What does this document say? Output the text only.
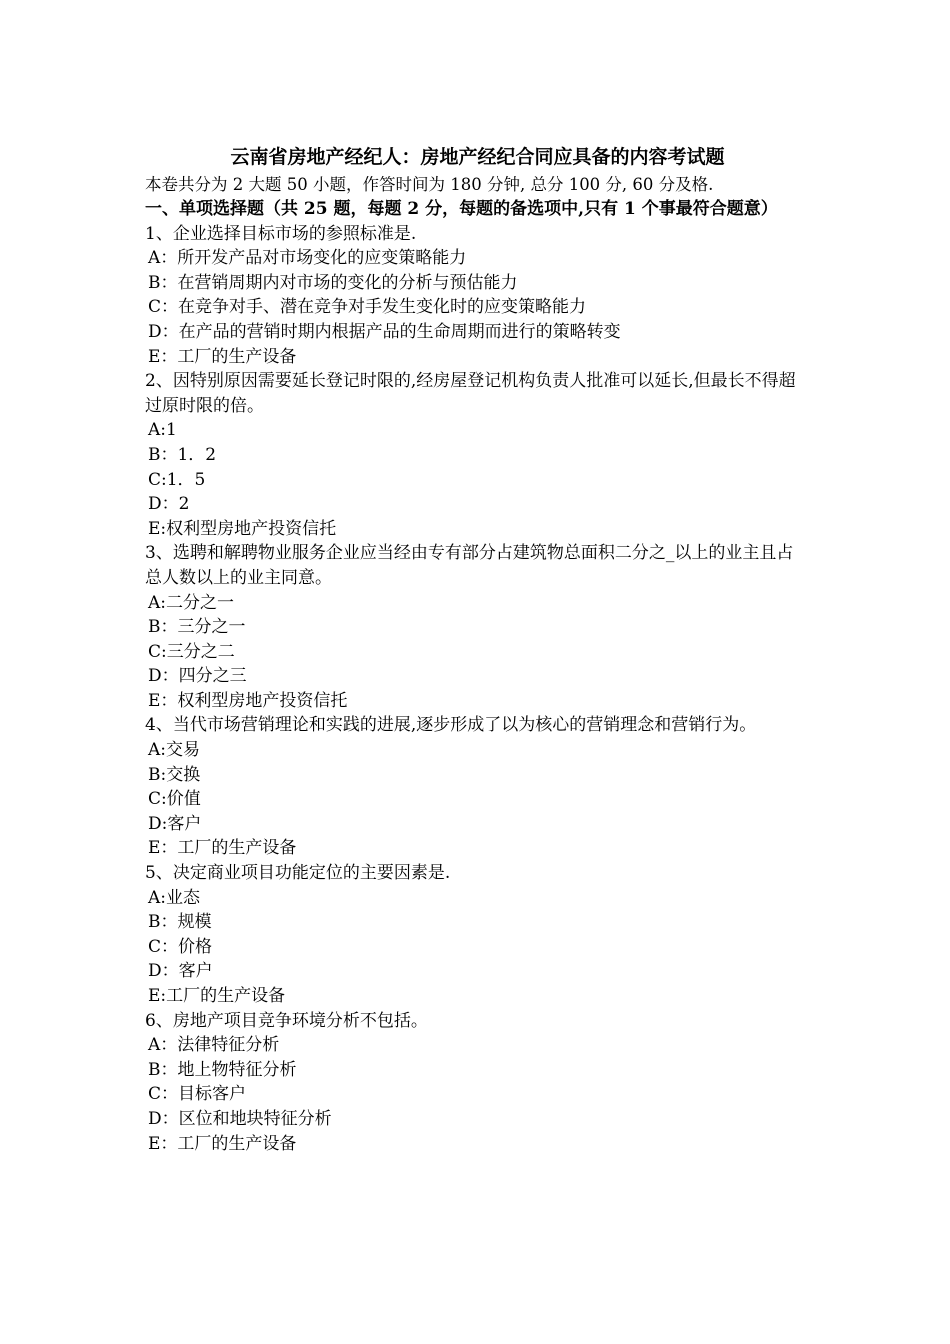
云南省房地产经纪人：房地产经纪合同应具备的内容考试题
本卷共分为 2 大题 50 小题，作答时间为 180 分钟, 总分 100 分, 60 分及格.
一、单项选择题（共 25 题，每题 2 分，每题的备选项中,只有 1 个事最符合题意）
1、企业选择目标市场的参照标准是.
A：所开发产品对市场变化的应变策略能力
B：在营销周期内对市场的变化的分析与预估能力
C：在竞争对手、潜在竞争对手发生变化时的应变策略能力
D：在产品的营销时期内根据产品的生命周期而进行的策略转变
E：工厂的生产设备
2、因特别原因需要延长登记时限的,经房屋登记机构负责人批准可以延长,但最长不得超过原时限的倍。
A:1
B：1．2
C:1．5
D：2
E:权利型房地产投资信托
3、选聘和解聘物业服务企业应当经由专有部分占建筑物总面积二分之_以上的业主且占总人数以上的业主同意。
A:二分之一
B：三分之一
C:三分之二
D：四分之三
E：权利型房地产投资信托
4、当代市场营销理论和实践的进展,逐步形成了以为核心的营销理念和营销行为。
A:交易
B:交换
C:价值
D:客户
E：工厂的生产设备
5、决定商业项目功能定位的主要因素是.
A:业态
B：规模
C：价格
D：客户
E:工厂的生产设备
6、房地产项目竞争环境分析不包括。
A：法律特征分析
B：地上物特征分析
C：目标客户
D：区位和地块特征分析
E：工厂的生产设备
